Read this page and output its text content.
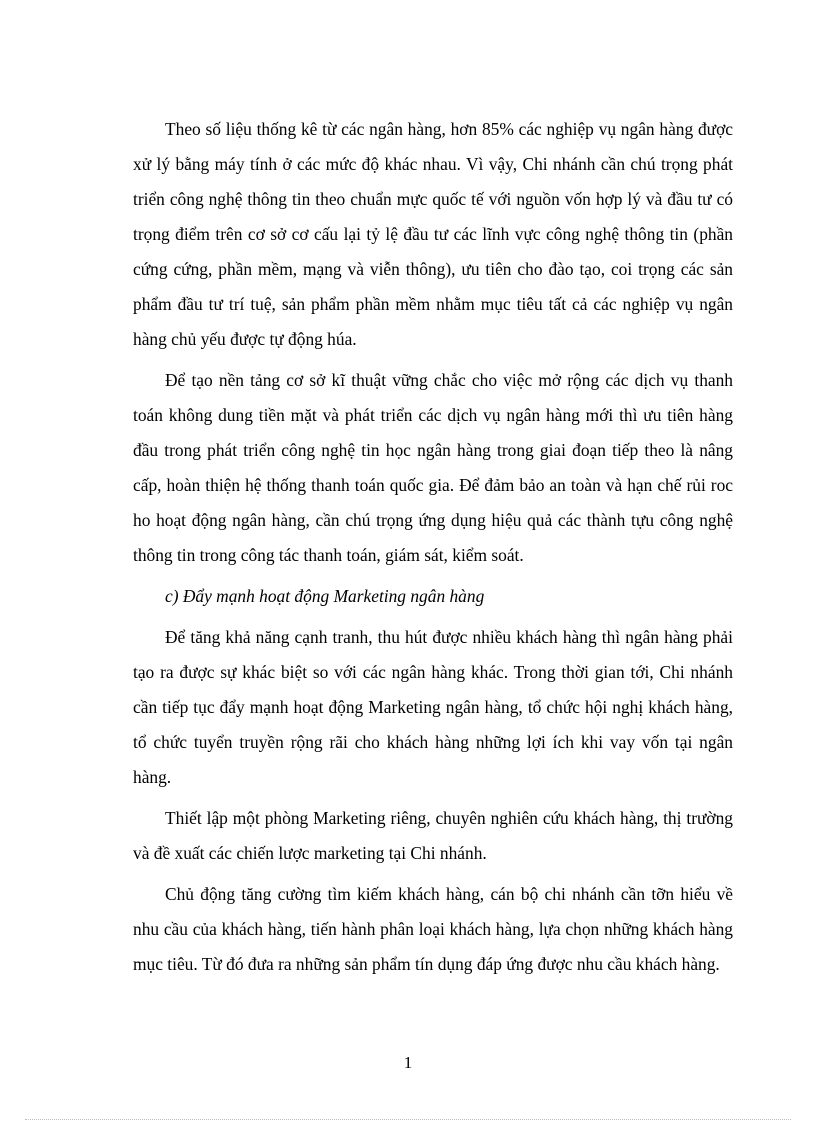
Theo số liệu thống kê từ các ngân hàng, hơn 85% các nghiệp vụ ngân hàng được xử lý bằng máy tính ở các mức độ khác nhau. Vì vậy, Chi nhánh cần chú trọng phát triển công nghệ thông tin theo chuẩn mực quốc tế với nguồn vốn hợp lý và đầu tư có trọng điểm trên cơ sở cơ cấu lại tỷ lệ đầu tư các lĩnh vực công nghệ thông tin (phần cứng cứng, phần mềm, mạng và viễn thông), ưu tiên cho đào tạo, coi trọng các sản phẩm đầu tư trí tuệ, sản phẩm phần mềm nhằm mục tiêu tất cả các nghiệp vụ ngân hàng chủ yếu được tự động húa.

Để tạo nền tảng cơ sở kĩ thuật vững chắc cho việc mở rộng các dịch vụ thanh toán không dung tiền mặt và phát triển các dịch vụ ngân hàng mới thì ưu tiên hàng đầu trong phát triển công nghệ tin học ngân hàng trong giai đoạn tiếp theo là nâng cấp, hoàn thiện hệ thống thanh toán quốc gia. Để đảm bảo an toàn và hạn chế rủi roc ho hoạt động ngân hàng, cần chú trọng ứng dụng hiệu quả các thành tựu công nghệ thông tin trong công tác thanh toán, giám sát, kiểm soát.

c) Đẩy mạnh hoạt động Marketing ngân hàng

Để tăng khả năng cạnh tranh, thu hút được nhiều khách hàng thì ngân hàng phải tạo ra được sự khác biệt so với các ngân hàng khác. Trong thời gian tới, Chi nhánh cần tiếp tục đẩy mạnh hoạt động Marketing ngân hàng, tổ chức hội nghị khách hàng, tổ chức tuyển truyền rộng rãi cho khách hàng những lợi ích khi vay vốn tại ngân hàng.

Thiết lập một phòng Marketing riêng, chuyên nghiên cứu khách hàng, thị trường và đề xuất các chiến lược marketing tại Chi nhánh.

Chủ động tăng cường tìm kiếm khách hàng, cán bộ chi nhánh cần tỡn hiểu về nhu cầu của khách hàng, tiến hành phân loại khách hàng, lựa chọn những khách hàng mục tiêu. Từ đó đưa ra những sản phẩm tín dụng đáp ứng được nhu cầu khách hàng.

1
